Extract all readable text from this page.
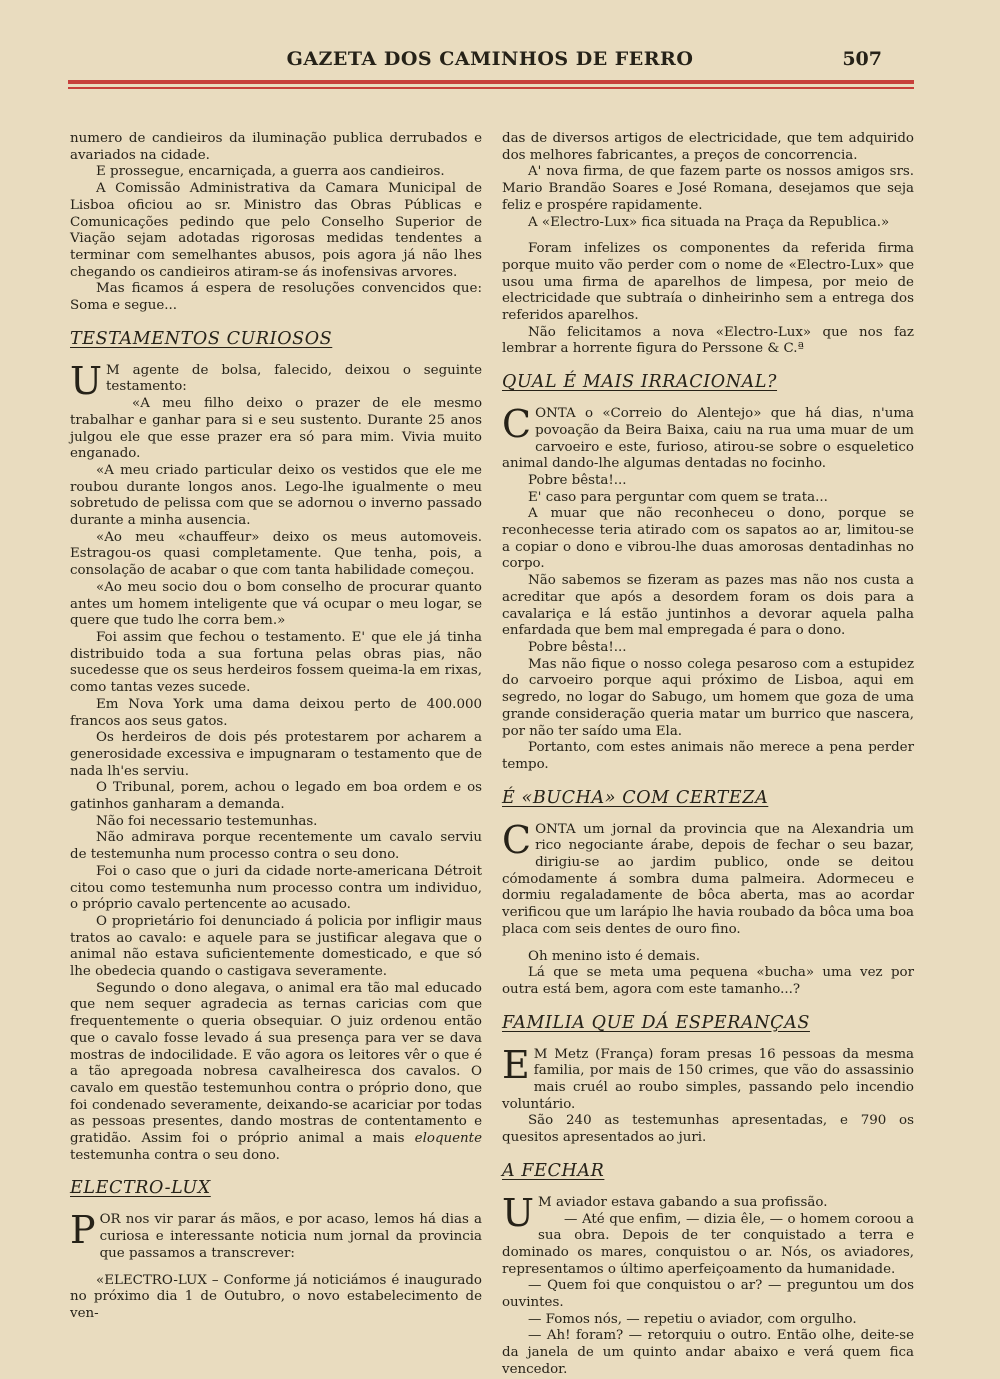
GAZETA DOS CAMINHOS DE FERRO	507

numero de candieiros da iluminação publica derrubados e avariados na cidade.

E prossegue, encarniçada, a guerra aos candieiros.

A Comissão Administrativa da Camara Municipal de Lisboa oficiou ao sr. Ministro das Obras Públicas e Comunicações pedindo que pelo Conselho Superior de Viação sejam adotadas rigorosas medidas tendentes a terminar com semelhantes abusos, pois agora já não lhes chegando os candieiros atiram-se ás inofensivas arvores.

Mas ficamos á espera de resoluções convencidos que: Soma e segue...

TESTAMENTOS CURIOSOS
U M agente de bolsa, falecido, deixou o seguinte testamento:

«A meu filho deixo o prazer de ele mesmo trabalhar e ganhar para si e seu sustento. Durante 25 anos julgou ele que esse prazer era só para mim. Vivia muito enganado.

«A meu criado particular deixo os vestidos que ele me roubou durante longos anos. Lego-lhe igualmente o meu sobretudo de pelissa com que se adornou o inverno passado durante a minha ausencia.

«Ao meu «chauffeur» deixo os meus automoveis. Estragou-os quasi completamente. Que tenha, pois, a consolação de acabar o que com tanta habilidade começou.

«Ao meu socio dou o bom conselho de procurar quanto antes um homem inteligente que vá ocupar o meu logar, se quere que tudo lhe corra bem.»

Foi assim que fechou o testamento. E' que ele já tinha distribuido toda a sua fortuna pelas obras pias, não sucedesse que os seus herdeiros fossem queima-la em rixas, como tantas vezes sucede.

Em Nova York uma dama deixou perto de 400.000 francos aos seus gatos.

Os herdeiros de dois pés protestarem por acharem a generosidade excessiva e impugnaram o testamento que de nada lh'es serviu.

O Tribunal, porem, achou o legado em boa ordem e os gatinhos ganharam a demanda.

Não foi necessario testemunhas.

Não admirava porque recentemente um cavalo serviu de testemunha num processo contra o seu dono.

Foi o caso que o juri da cidade norte-americana Détroit citou como testemunha num processo contra um individuo, o próprio cavalo pertencente ao acusado.

O proprietário foi denunciado á policia por infligir maus tratos ao cavalo: e aquele para se justificar alegava que o animal não estava suficientemente domesticado, e que só lhe obedecia quando o castigava severamente.

Segundo o dono alegava, o animal era tão mal educado que nem sequer agradecia as ternas caricias com que frequentemente o queria obsequiar. O juiz ordenou então que o cavalo fosse levado á sua presença para ver se dava mostras de indocilidade. E vão agora os leitores vêr o que é a tão apregoada nobresa cavalheiresca dos cavalos. O cavalo em questão testemunhou contra o próprio dono, que foi condenado severamente, deixando-se acariciar por todas as pessoas presentes, dando mostras de contentamento e gratidão. Assim foi o próprio animal a mais eloquente testemunha contra o seu dono.

ELECTRO-LUX
P OR nos vir parar ás mãos, e por acaso, lemos há dias a curiosa e interessante noticia num jornal da provincia que passamos a transcrever:

«ELECTRO-LUX – Conforme já noticiámos é inaugurado no próximo dia 1 de Outubro, o novo estabelecimento de ven-

das de diversos artigos de electricidade, que tem adquirido dos melhores fabricantes, a preços de concorrencia.

A' nova firma, de que fazem parte os nossos amigos srs. Mario Brandão Soares e José Romana, desejamos que seja feliz e prospére rapidamente.

A «Electro-Lux» fica situada na Praça da Republica.»

Foram infelizes os componentes da referida firma porque muito vão perder com o nome de «Electro-Lux» que usou uma firma de aparelhos de limpesa, por meio de electricidade que subtraía o dinheirinho sem a entrega dos referidos aparelhos.

Não felicitamos a nova «Electro-Lux» que nos faz lembrar a horrente figura do Perssone & C.ª

QUAL É MAIS IRRACIONAL?
C ONTA o «Correio do Alentejo» que há dias, n'uma povoação da Beira Baixa, caiu na rua uma muar de um carvoeiro e este, furioso, atirou-se sobre o esqueletico animal dando-lhe algumas dentadas no focinho.

Pobre bêsta!...

E' caso para perguntar com quem se trata...

A muar que não reconheceu o dono, porque se reconhecesse teria atirado com os sapatos ao ar, limitou-se a copiar o dono e vibrou-lhe duas amorosas dentadinhas no corpo.

Não sabemos se fizeram as pazes mas não nos custa a acreditar que após a desordem foram os dois para a cavalariça e lá estão juntinhos a devorar aquela palha enfardada que bem mal empregada é para o dono.

Pobre bêsta!...

Mas não fique o nosso colega pesaroso com a estupidez do carvoeiro porque aqui próximo de Lisboa, aqui em segredo, no logar do Sabugo, um homem que goza de uma grande consideração queria matar um burrico que nascera, por não ter saído uma Ela.

Portanto, com estes animais não merece a pena perder tempo.

É «BUCHA» COM CERTEZA
C ONTA um jornal da provincia que na Alexandria um rico negociante árabe, depois de fechar o seu bazar, dirigiu-se ao jardim publico, onde se deitou cómodamente á sombra duma palmeira. Adormeceu e dormiu regaladamente de bôca aberta, mas ao acordar verificou que um larápio lhe havia roubado da bôca uma boa placa com seis dentes de ouro fino.

Oh menino isto é demais.

Lá que se meta uma pequena «bucha» uma vez por outra está bem, agora com este tamanho...?

FAMILIA QUE DÁ ESPERANÇAS
E M Metz (França) foram presas 16 pessoas da mesma familia, por mais de 150 crimes, que vão do assassinio mais cruél ao roubo simples, passando pelo incendio voluntário.

São 240 as testemunhas apresentadas, e 790 os quesitos apresentados ao juri.

A FECHAR
U M aviador estava gabando a sua profissão.

— Até que enfim, — dizia êle, — o homem coroou a sua obra. Depois de ter conquistado a terra e dominado os mares, conquistou o ar. Nós, os aviadores, representamos o último aperfeiçoamento da humanidade.

— Quem foi que conquistou o ar? — preguntou um dos ouvintes.

— Fomos nós, — repetiu o aviador, com orgulho.

— Ah! foram? — retorquiu o outro. Então olhe, deite-se da janela de um quinto andar abaixo e verá quem fica vencedor.
